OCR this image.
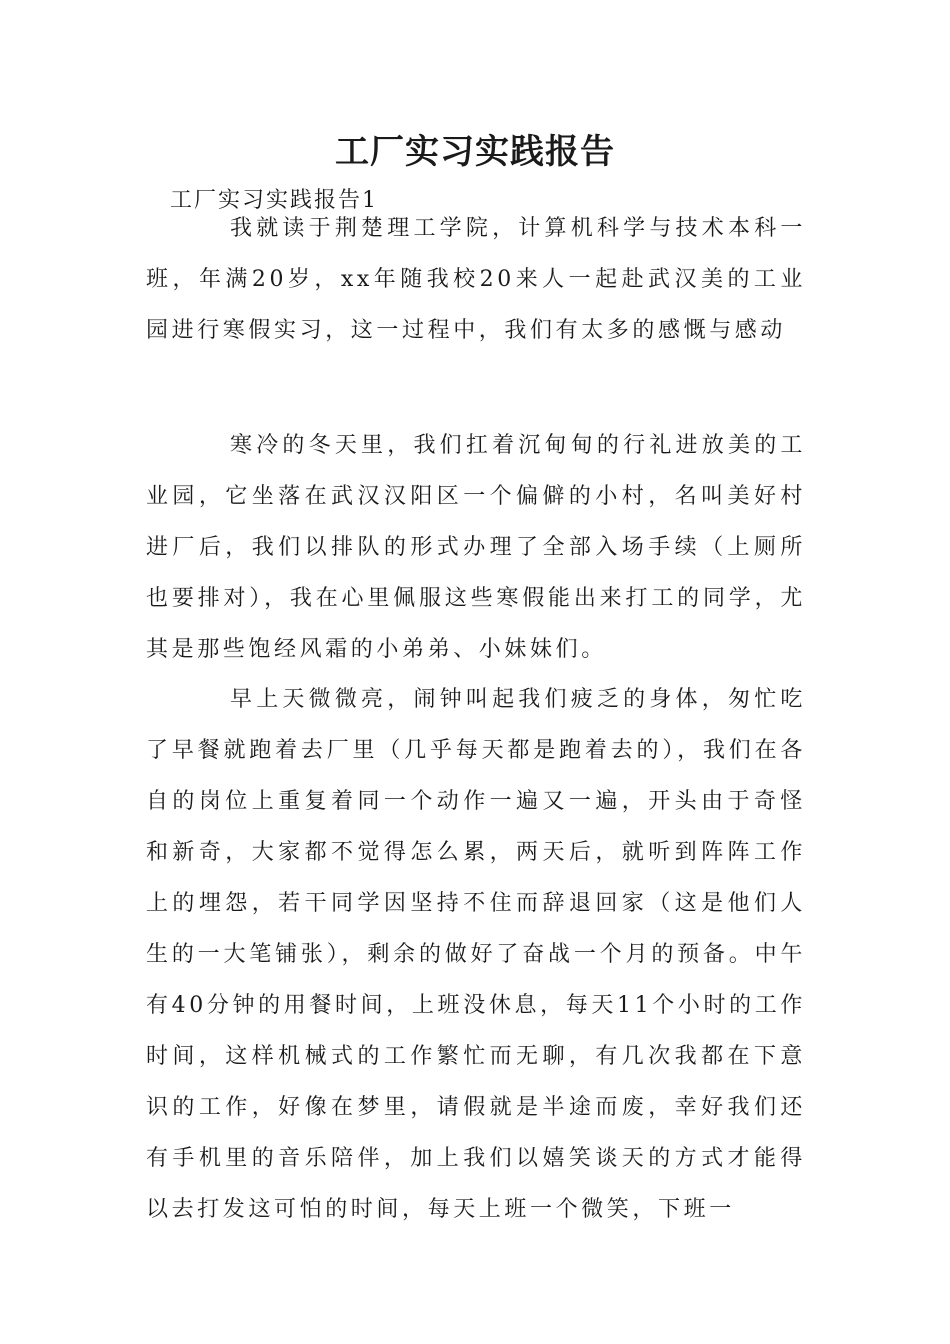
工厂实习实践报告
工厂实习实践报告1

我就读于荆楚理工学院，计算机科学与技术本科一班，年满20岁，xx年随我校20来人一起赴武汉美的工业园进行寒假实习，这一过程中，我们有太多的感慨与感动

寒冷的冬天里，我们扛着沉甸甸的行礼进放美的工业园，它坐落在武汉汉阳区一个偏僻的小村，名叫美好村进厂后，我们以排队的形式办理了全部入场手续（上厕所也要排对），我在心里佩服这些寒假能出来打工的同学，尤其是那些饱经风霜的小弟弟、小妹妹们。

早上天微微亮，闹钟叫起我们疲乏的身体，匆忙吃了早餐就跑着去厂里（几乎每天都是跑着去的），我们在各自的岗位上重复着同一个动作一遍又一遍，开头由于奇怪和新奇，大家都不觉得怎么累，两天后，就听到阵阵工作上的埋怨，若干同学因坚持不住而辞退回家（这是他们人生的一大笔铺张），剩余的做好了奋战一个月的预备。中午有40分钟的用餐时间，上班没休息，每天11个小时的工作时间，这样机械式的工作繁忙而无聊，有几次我都在下意识的工作，好像在梦里，请假就是半途而废，幸好我们还有手机里的音乐陪伴，加上我们以嬉笑谈天的方式才能得以去打发这可怕的时间，每天上班一个微笑，下班一
